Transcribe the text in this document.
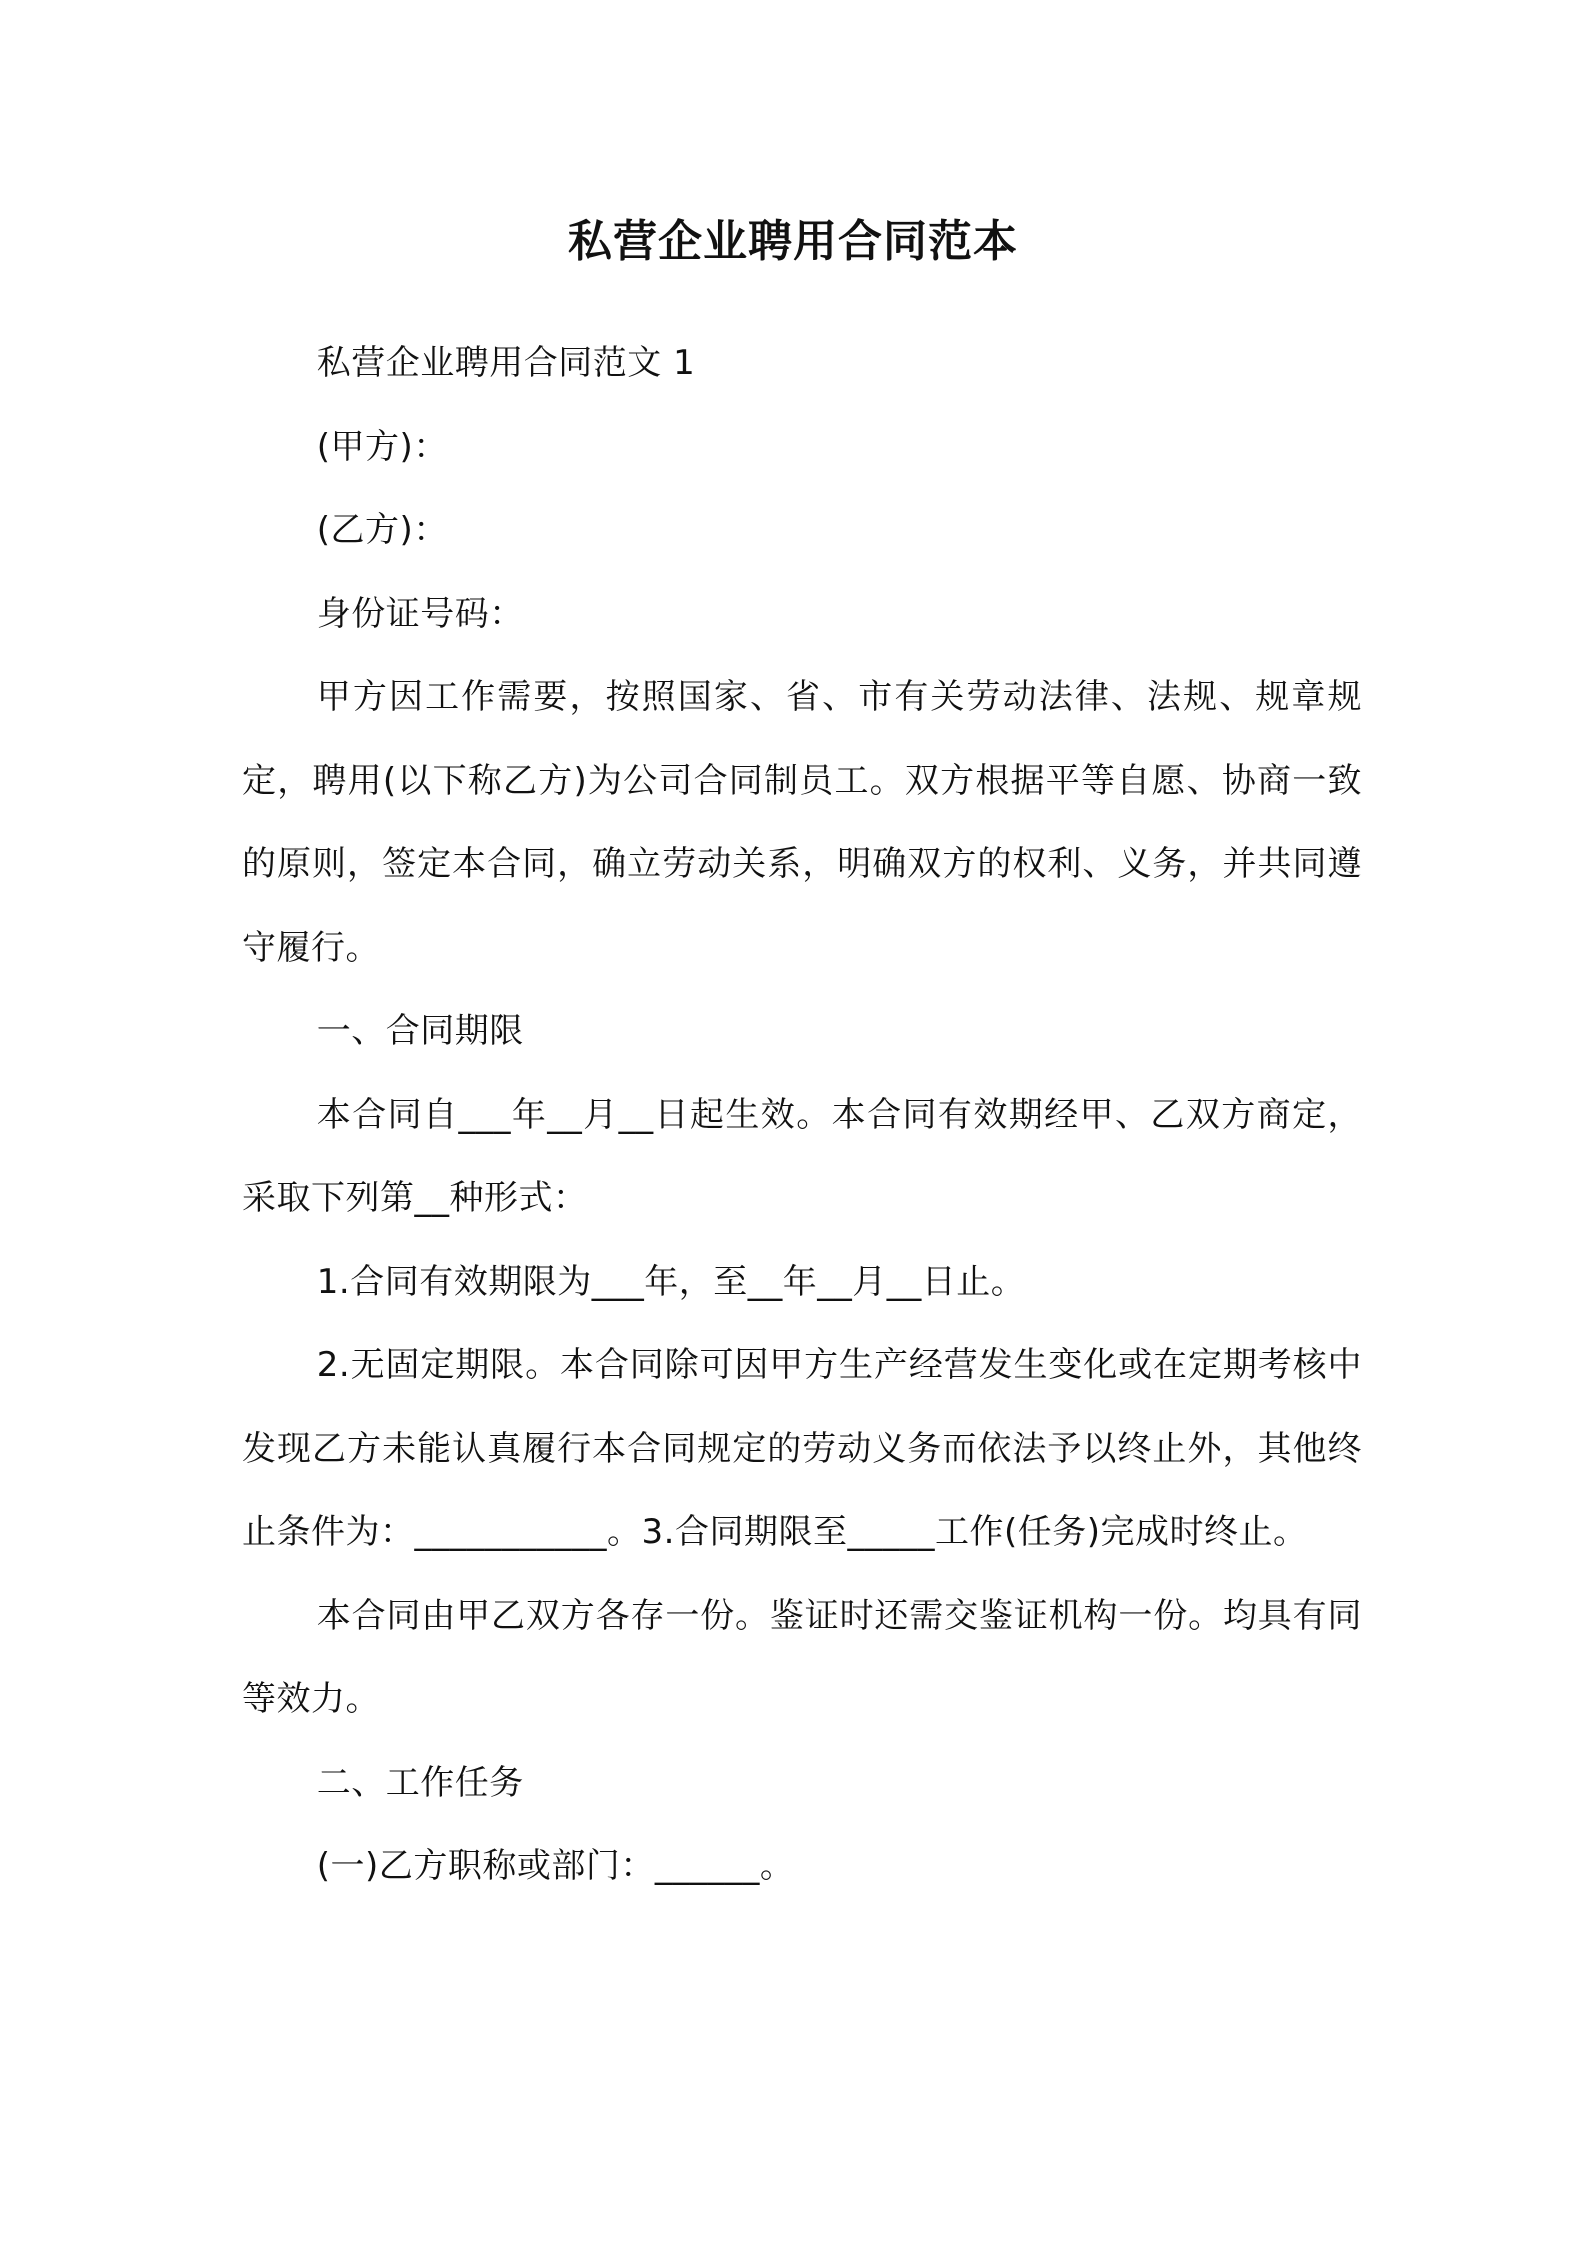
私营企业聘用合同范本

私营企业聘用合同范文 1

(甲方)：

(乙方)：

身份证号码：

甲方因工作需要，按照国家、省、市有关劳动法律、法规、规章规定，聘用(以下称乙方)为公司合同制员工。双方根据平等自愿、协商一致的原则，签定本合同，确立劳动关系，明确双方的权利、义务，并共同遵守履行。

一、合同期限

本合同自___年__月__日起生效。本合同有效期经甲、乙双方商定，采取下列第__种形式：

1.合同有效期限为___年，至__年__月__日止。

2.无固定期限。本合同除可因甲方生产经营发生变化或在定期考核中发现乙方未能认真履行本合同规定的劳动义务而依法予以终止外，其他终止条件为：___________。3.合同期限至_____工作(任务)完成时终止。

本合同由甲乙双方各存一份。鉴证时还需交鉴证机构一份。均具有同等效力。

二、工作任务

(一)乙方职称或部门：______。
